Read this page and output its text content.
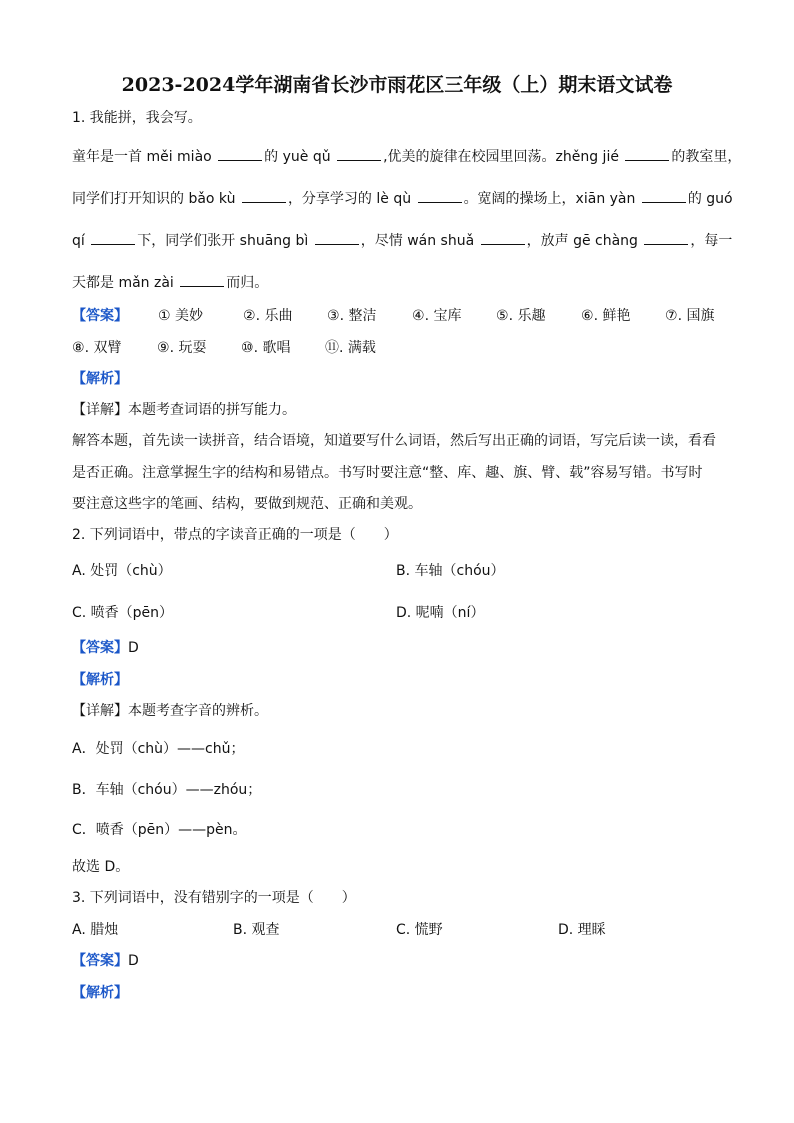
2023-2024学年湖南省长沙市雨花区三年级（上）期末语文试卷
1. 我能拼，我会写。
童年是一首 měi miào	的 yuè qǔ	,优美的旋律在校园里回荡。zhěng jié	的教室里，
同学们打开知识的 bǎo kù	，分享学习的 lè qù	。宽阔的操场上，xiān yàn	的 guó
qí	下，同学们张开 shuāng bì	，尽情 wán shuǎ	，放声 gē chàng	，每一
天都是 mǎn zài	而归。
【答案】 ① 美妙	②. 乐曲 ③. 整洁	④. 宝库 ⑤. 乐趣	⑥. 鲜艳 ⑦. 国旗
⑧. 双臂	⑨. 玩耍 ⑩. 歌唱 ⑪. 满载
【解析】
【详解】本题考查词语的拼写能力。
解答本题，首先读一读拼音，结合语境，知道要写什么词语，然后写出正确的词语，写完后读一读，看看
是否正确。注意掌握生字的结构和易错点。书写时要注意“整、库、趣、旗、臂、载”容易写错。书写时
要注意这些字的笔画、结构，要做到规范、正确和美观。
2. 下列词语中，带点的字读音正确的一项是（　　）
A. 处罚（chù）	B. 车轴（chóu）
C. 喷香（pēn）	D. 呢喃（ní）
【答案】D
【解析】
【详解】本题考查字音的辨析。
A．处罚（chù）——chǔ；
B．车轴（chóu）——zhóu；
C．喷香（pēn）——pèn。
故选 D。
3. 下列词语中，没有错别字的一项是（　　）
A. 腊烛	B. 观查	C. 慌野	D. 理睬
【答案】D
【解析】
